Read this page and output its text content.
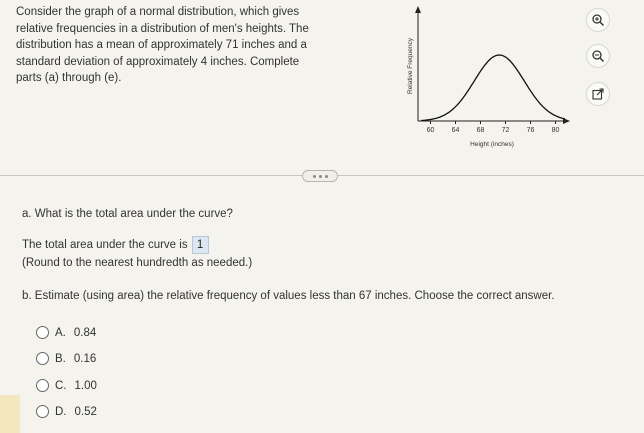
Consider the graph of a normal distribution, which gives
relative frequencies in a distribution of men's heights. The
distribution has a mean of approximately 71 inches and a
standard deviation of approximately 4 inches. Complete
parts (a) through (e).	Relative Frequency
60 64 68 72 76 80
Height (inches)
a. What is the total area under the curve?
The total area under the curve is 1
(Round to the nearest hundredth as needed.)
b. Estimate (using area) the relative frequency of values less than 67 inches. Choose the correct answer.
A. 0.84
B. 0.16
C. 1.00
D. 0.52
